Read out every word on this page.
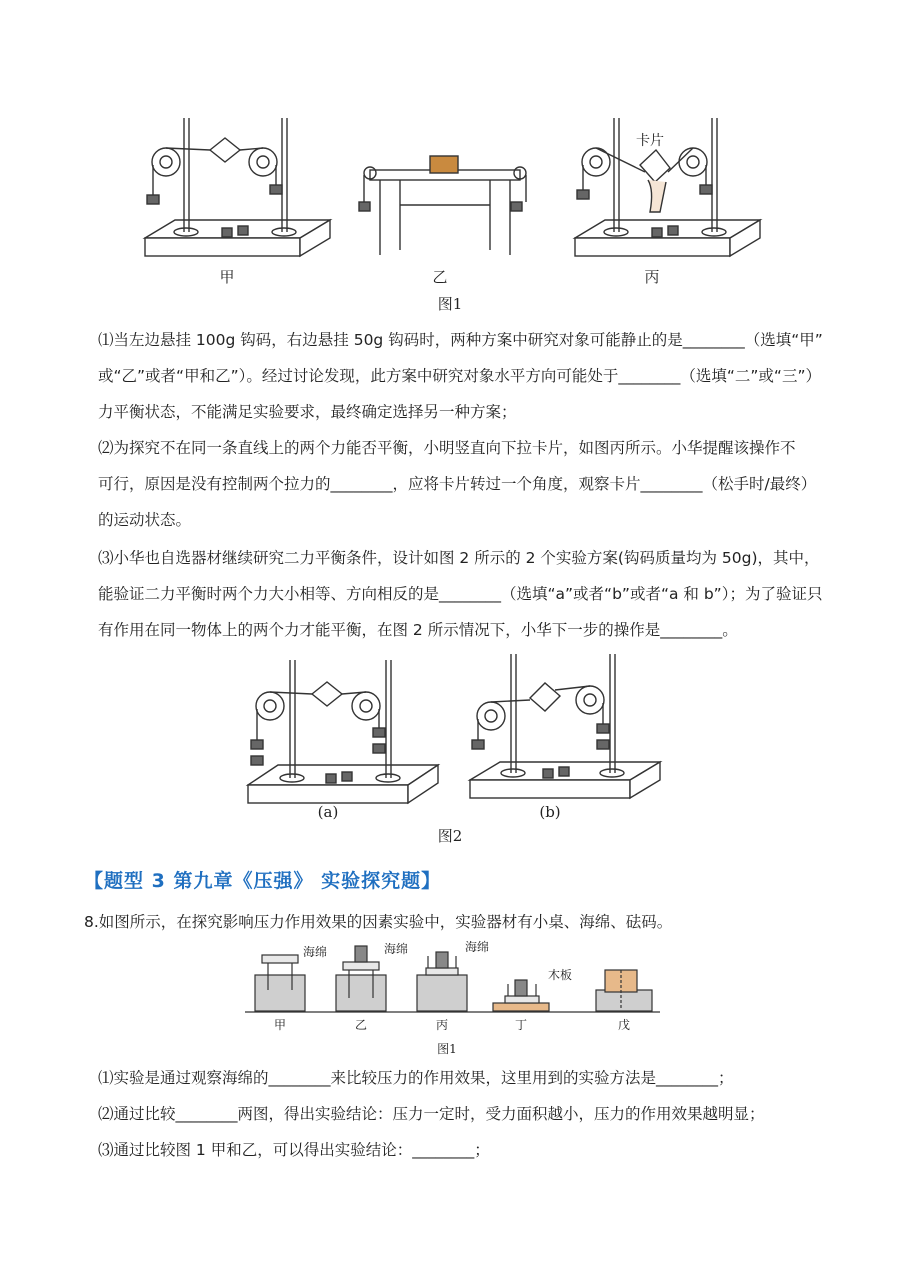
甲	乙	丙
卡片
图1
⑴当左边悬挂 100g 钩码，右边悬挂 50g 钩码时，两种方案中研究对象可能静止的是________（选填“甲”
或“乙”或者“甲和乙”）。经过讨论发现，此方案中研究对象水平方向可能处于________（选填“二”或“三”）
力平衡状态，不能满足实验要求，最终确定选择另一种方案；
⑵为探究不在同一条直线上的两个力能否平衡，小明竖直向下拉卡片，如图丙所示。小华提醒该操作不
可行，原因是没有控制两个拉力的________，应将卡片转过一个角度，观察卡片________（松手时/最终）
的运动状态。
⑶小华也自选器材继续研究二力平衡条件，设计如图 2 所示的 2 个实验方案(钩码质量均为 50g)，其中，
能验证二力平衡时两个力大小相等、方向相反的是________（选填“a”或者“b”或者“a 和 b”）；为了验证只
有作用在同一物体上的两个力才能平衡，在图 2 所示情况下，小华下一步的操作是________。
(a)	(b)
图2
【题型 3 第九章《压强》 实验探究题】
8.如图所示，在探究影响压力作用效果的因素实验中，实验器材有小桌、海绵、砝码。
甲	乙	丙	丁	戊
海绵	海绵	海绵
木板
图1
⑴实验是通过观察海绵的________来比较压力的作用效果，这里用到的实验方法是________；
⑵通过比较________两图，得出实验结论：压力一定时，受力面积越小，压力的作用效果越明显；
⑶通过比较图 1 甲和乙，可以得出实验结论：________；
